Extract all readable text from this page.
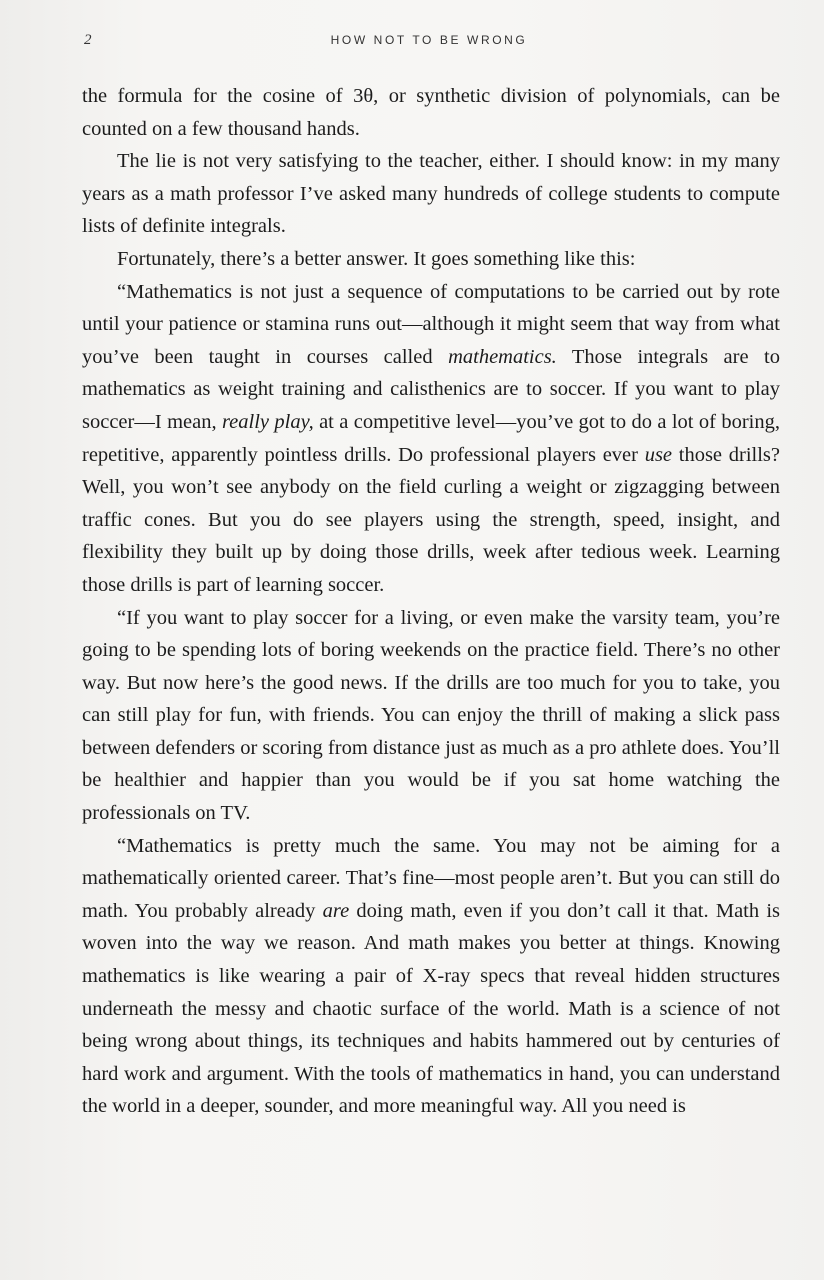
2	HOW NOT TO BE WRONG

the formula for the cosine of 3θ, or synthetic division of polynomials, can be counted on a few thousand hands.

The lie is not very satisfying to the teacher, either. I should know: in my many years as a math professor I’ve asked many hundreds of college students to compute lists of definite integrals.

Fortunately, there’s a better answer. It goes something like this:

“Mathematics is not just a sequence of computations to be carried out by rote until your patience or stamina runs out—although it might seem that way from what you’ve been taught in courses called mathematics. Those integrals are to mathematics as weight training and calisthenics are to soccer. If you want to play soccer—I mean, really play, at a competitive level—you’ve got to do a lot of boring, repetitive, apparently pointless drills. Do professional players ever use those drills? Well, you won’t see anybody on the field curling a weight or zigzagging between traffic cones. But you do see players using the strength, speed, insight, and flexibility they built up by doing those drills, week after tedious week. Learning those drills is part of learning soccer.

“If you want to play soccer for a living, or even make the varsity team, you’re going to be spending lots of boring weekends on the practice field. There’s no other way. But now here’s the good news. If the drills are too much for you to take, you can still play for fun, with friends. You can enjoy the thrill of making a slick pass between defenders or scoring from distance just as much as a pro athlete does. You’ll be healthier and happier than you would be if you sat home watching the professionals on TV.

“Mathematics is pretty much the same. You may not be aiming for a mathematically oriented career. That’s fine—most people aren’t. But you can still do math. You probably already are doing math, even if you don’t call it that. Math is woven into the way we reason. And math makes you better at things. Knowing mathematics is like wearing a pair of X-ray specs that reveal hidden structures underneath the messy and chaotic surface of the world. Math is a science of not being wrong about things, its techniques and habits hammered out by centuries of hard work and argument. With the tools of mathematics in hand, you can understand the world in a deeper, sounder, and more meaningful way. All you need is
